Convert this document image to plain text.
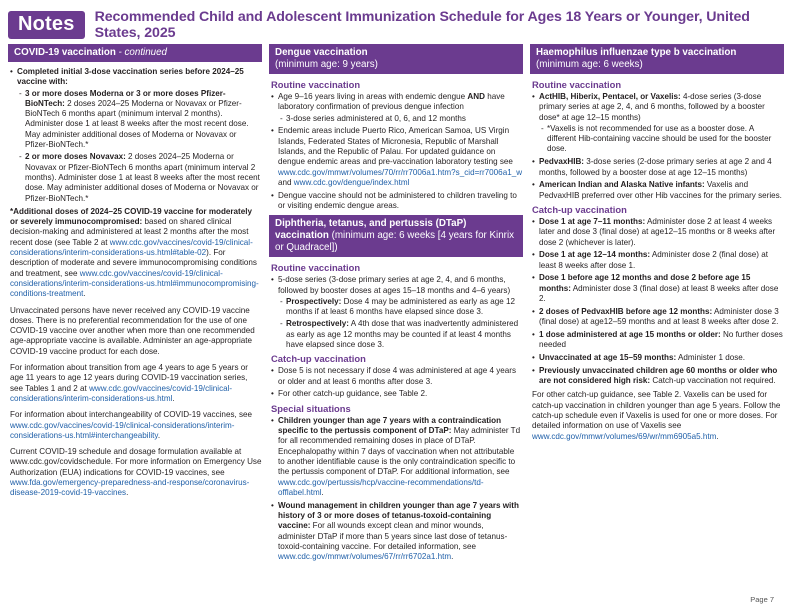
Notes	Recommended Child and Adolescent Immunization Schedule for Ages 18 Years or Younger, United States, 2025
COVID-19 vaccination - continued
• Completed initial 3-dose vaccination series before 2024–25 vaccine with:
- 3 or more doses Moderna or 3 or more doses Pfizer-BioNTech: 2 doses 2024–25 Moderna or Novavax or Pfizer-BioNTech 6 months apart (minimum interval 2 months). Administer dose 1 at least 8 weeks after the most recent dose. May administer additional doses of Moderna or Novavax or Pfizer-BioNTech.*
- 2 or more doses Novavax: 2 doses 2024–25 Moderna or Novavax or Pfizer-BioNTech 6 months apart (minimum interval 2 months). Administer dose 1 at least 8 weeks after the most recent dose. May administer additional doses of Moderna or Novavax or Pfizer-BioNTech.*

*Additional doses of 2024–25 COVID-19 vaccine for moderately or severely immunocompromised: based on shared clinical decision-making and administered at least 2 months after the most recent dose (see Table 2 at www.cdc.gov/vaccines/covid-19/clinical-considerations/interim-considerations-us.html#table-02). For description of moderate and severe immunocompromising conditions and treatment, see www.cdc.gov/vaccines/covid-19/clinical-considerations/interim-considerations-us.html#immunocompromising-conditions-treatment.

Unvaccinated persons have never received any COVID-19 vaccine doses. There is no preferential recommendation for the use of one COVID-19 vaccine over another when more than one recommended age-appropriate vaccine is available. Administer an age-appropriate COVID-19 vaccine product for each dose.

For information about transition from age 4 years to age 5 years or age 11 years to age 12 years during COVID-19 vaccination series, see Tables 1 and 2 at www.cdc.gov/vaccines/covid-19/clinical-considerations/interim-considerations-us.html.

For information about interchangeability of COVID-19 vaccines, see www.cdc.gov/vaccines/covid-19/clinical-considerations/interim-considerations-us.html#interchangeability.

Current COVID-19 schedule and dosage formulation available at www.cdc.gov/covidschedule. For more information on Emergency Use Authorization (EUA) indications for COVID-19 vaccines, see www.fda.gov/emergency-preparedness-and-response/coronavirus-disease-2019-covid-19-vaccines.

Dengue vaccination
(minimum age: 9 years)
Routine vaccination
• Age 9–16 years living in areas with endemic dengue AND have laboratory confirmation of previous dengue infection
- 3-dose series administered at 0, 6, and 12 months
• Endemic areas include Puerto Rico, American Samoa, US Virgin Islands, Federated States of Micronesia, Republic of Marshall Islands, and the Republic of Palau. For updated guidance on dengue endemic areas and pre-vaccination laboratory testing see www.cdc.gov/mmwr/volumes/70/rr/rr7006a1.htm?s_cid=rr7006a1_w and www.cdc.gov/dengue/index.html
• Dengue vaccine should not be administered to children traveling to or visiting endemic dengue areas.
Diphtheria, tetanus, and pertussis (DTaP) vaccination (minimum age: 6 weeks [4 years for Kinrix or Quadracel])
Routine vaccination
• 5-dose series (3-dose primary series at age 2, 4, and 6 months, followed by booster doses at ages 15–18 months and 4–6 years)
- Prospectively: Dose 4 may be administered as early as age 12 months if at least 6 months have elapsed since dose 3.
- Retrospectively: A 4th dose that was inadvertently administered as early as age 12 months may be counted if at least 4 months have elapsed since dose 3.
Catch-up vaccination
• Dose 5 is not necessary if dose 4 was administered at age 4 years or older and at least 6 months after dose 3.
• For other catch-up guidance, see Table 2.
Special situations
• Children younger than age 7 years with a contraindication specific to the pertussis component of DTaP: May administer Td for all recommended remaining doses in place of DTaP. Encephalopathy within 7 days of vaccination when not attributable to another identifiable cause is the only contraindication specific to the pertussis component of DTaP. For additional information, see www.cdc.gov/pertussis/hcp/vaccine-recommendations/td-offlabel.html.
• Wound management in children younger than age 7 years with history of 3 or more doses of tetanus-toxoid-containing vaccine: For all wounds except clean and minor wounds, administer DTaP if more than 5 years since last dose of tetanus-toxoid-containing vaccine. For detailed information, see www.cdc.gov/mmwr/volumes/67/rr/rr6702a1.htm.
Haemophilus influenzae type b vaccination
(minimum age: 6 weeks)
Routine vaccination
• ActHIB, Hiberix, Pentacel, or Vaxelis: 4-dose series (3-dose primary series at age 2, 4, and 6 months, followed by a booster dose* at age 12–15 months)
- *Vaxelis is not recommended for use as a booster dose. A different Hib-containing vaccine should be used for the booster dose.
• PedvaxHIB: 3-dose series (2-dose primary series at age 2 and 4 months, followed by a booster dose at age 12–15 months)
• American Indian and Alaska Native infants: Vaxelis and PedvaxHIB preferred over other Hib vaccines for the primary series.
Catch-up vaccination
• Dose 1 at age 7–11 months: Administer dose 2 at least 4 weeks later and dose 3 (final dose) at age12–15 months or 8 weeks after dose 2 (whichever is later).
• Dose 1 at age 12–14 months: Administer dose 2 (final dose) at least 8 weeks after dose 1.
• Dose 1 before age 12 months and dose 2 before age 15 months: Administer dose 3 (final dose) at least 8 weeks after dose 2.
• 2 doses of PedvaxHIB before age 12 months: Administer dose 3 (final dose) at age12–59 months and at least 8 weeks after dose 2.
• 1 dose administered at age 15 months or older: No further doses needed
• Unvaccinated at age 15–59 months: Administer 1 dose.
• Previously unvaccinated children age 60 months or older who are not considered high risk: Catch-up vaccination not required.

For other catch-up guidance, see Table 2. Vaxelis can be used for catch-up vaccination in children younger than age 5 years. Follow the catch-up schedule even if Vaxelis is used for one or more doses. For detailed information on use of Vaxelis see www.cdc.gov/mmwr/volumes/69/wr/mm6905a5.htm.

Page 7
